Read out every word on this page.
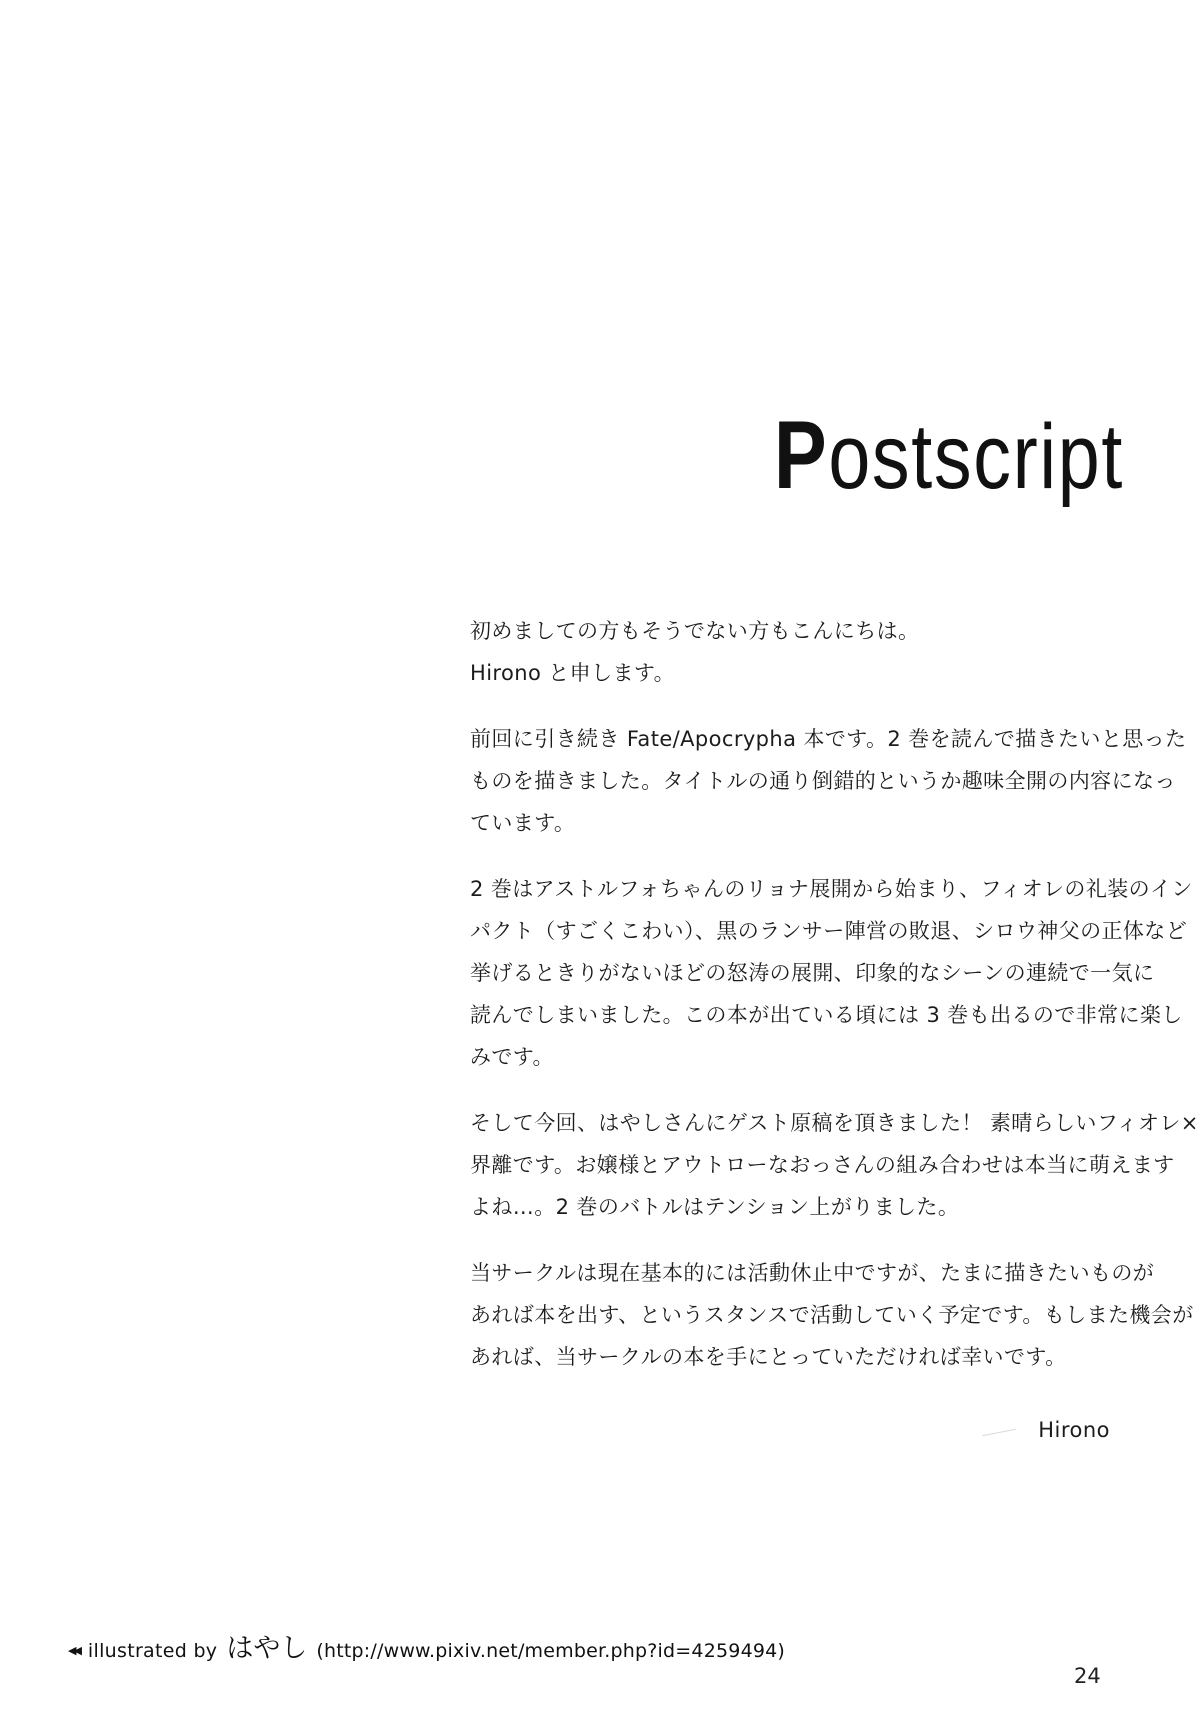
Postscript
初めましての方もそうでない方もこんにちは。
Hirono と申します。
前回に引き続き Fate/Apocrypha 本です。2 巻を読んで描きたいと思った
ものを描きました。タイトルの通り倒錯的というか趣味全開の内容になっ
ています。
2 巻はアストルフォちゃんのリョナ展開から始まり、フィオレの礼装のイン
パクト（すごくこわい）、黒のランサー陣営の敗退、シロウ神父の正体など
挙げるときりがないほどの怒涛の展開、印象的なシーンの連続で一気に
読んでしまいました。この本が出ている頃には 3 巻も出るので非常に楽し
みです。
そして今回、はやしさんにゲスト原稿を頂きました！ 素晴らしいフィオレ×
界離です。お嬢様とアウトローなおっさんの組み合わせは本当に萌えます
よね…。2 巻のバトルはテンション上がりました。
当サークルは現在基本的には活動休止中ですが、たまに描きたいものが
あれば本を出す、というスタンスで活動していく予定です。もしまた機会が
あれば、当サークルの本を手にとっていただければ幸いです。
Hirono
◀◀ illustrated by はやし (http://www.pixiv.net/member.php?id=4259494)
24
